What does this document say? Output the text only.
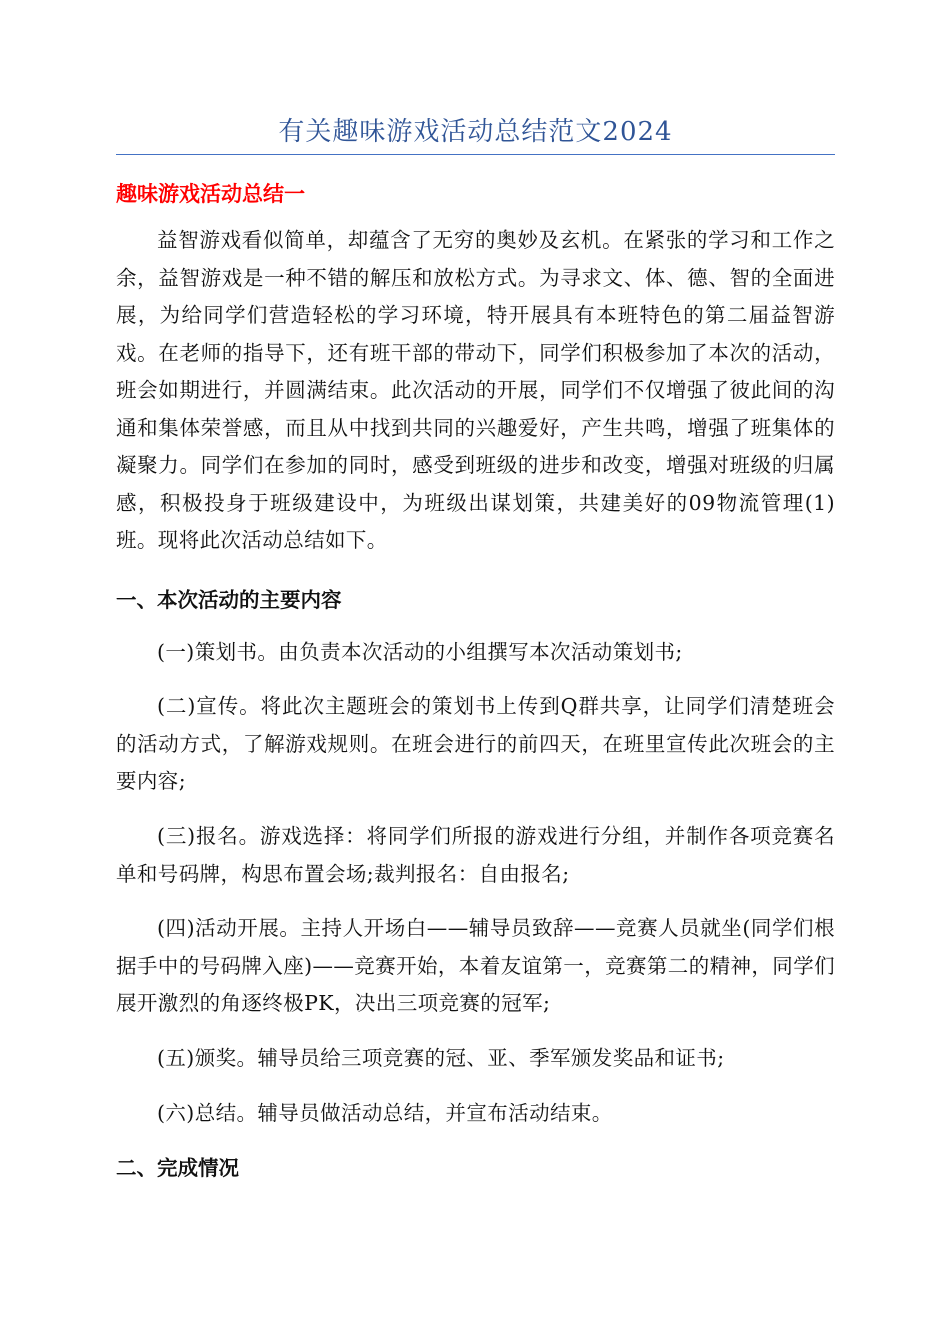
有关趣味游戏活动总结范文2024
趣味游戏活动总结一

益智游戏看似简单，却蕴含了无穷的奥妙及玄机。在紧张的学习和工作之余，益智游戏是一种不错的解压和放松方式。为寻求文、体、德、智的全面进展，为给同学们营造轻松的学习环境，特开展具有本班特色的第二届益智游戏。在老师的指导下，还有班干部的带动下，同学们积极参加了本次的活动，班会如期进行，并圆满结束。此次活动的开展，同学们不仅增强了彼此间的沟通和集体荣誉感，而且从中找到共同的兴趣爱好，产生共鸣，增强了班集体的凝聚力。同学们在参加的同时，感受到班级的进步和改变，增强对班级的归属感，积极投身于班级建设中，为班级出谋划策，共建美好的09物流管理(1)班。现将此次活动总结如下。

一、本次活动的主要内容

(一)策划书。由负责本次活动的小组撰写本次活动策划书;

(二)宣传。将此次主题班会的策划书上传到Q群共享，让同学们清楚班会的活动方式，了解游戏规则。在班会进行的前四天，在班里宣传此次班会的主要内容;

(三)报名。游戏选择：将同学们所报的游戏进行分组，并制作各项竞赛名单和号码牌，构思布置会场;裁判报名：自由报名;

(四)活动开展。主持人开场白——辅导员致辞——竞赛人员就坐(同学们根据手中的号码牌入座)——竞赛开始，本着友谊第一，竞赛第二的精神，同学们展开激烈的角逐终极PK，决出三项竞赛的冠军;

(五)颁奖。辅导员给三项竞赛的冠、亚、季军颁发奖品和证书;

(六)总结。辅导员做活动总结，并宣布活动结束。

二、完成情况
